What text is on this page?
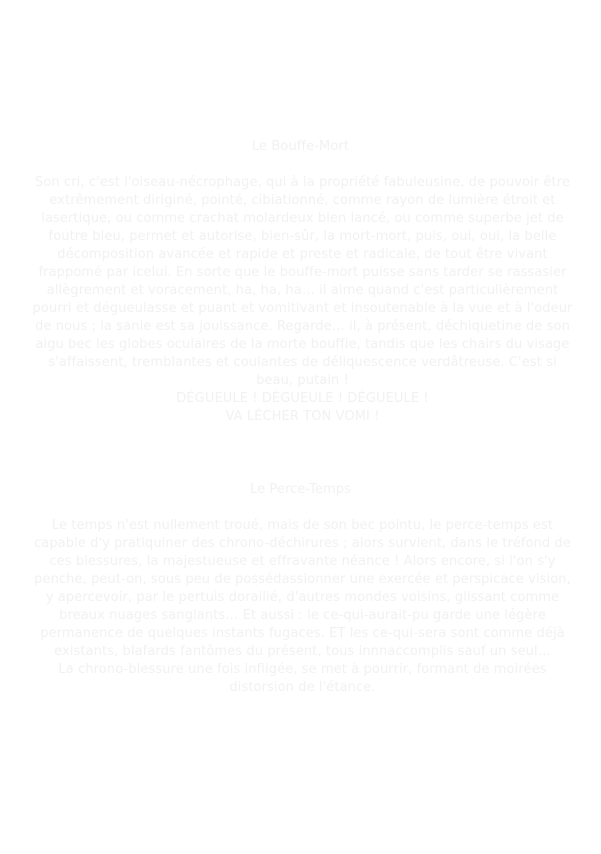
Le Bouffe-Mort

Son cri, c'est l'oiseau-nécrophage, qui à la propriété fabuleusine, de pouvoir être extrêmement diriginé, pointé, cibiationné, comme rayon de lumière étroit et lasertique, ou comme crachat molardeux bien lancé, ou comme superbe jet de foutre bleu, permet et autorise, bien-sûr, la mort-mort, puis, oui, oui, la belle décomposition avancée et rapide et preste et radicale, de tout être vivant frappomé par icelui. En sorte que le bouffe-mort puisse sans tarder se rassasier allègrement et voracement, ha, ha, ha… il aime quand c'est particulièrement pourri et dégueulasse et puant et vomitivant et insoutenable à la vue et à l'odeur de nous ; la sanie est sa jouissance. Regarde… il, à présent, déchiquetine de son aigu bec les globes oculaires de la morte bouffie, tandis que les chairs du visage s'affaissent, tremblantes et coulantes de déliquescence verdâtreuse. C'est si beau, putain !

DÉGUEULE ! DÉGUEULE ! DÉGUEULE !

VA LÉCHER TON VOMI !

Le Perce-Temps

Le temps n'est nullement troué, mais de son bec pointu, le perce-temps est capable d'y pratiquiner des chrono-déchirures ; alors survient, dans le tréfond de ces blessures, la majestueuse et effravante néance ! Alors encore, si l'on s'y penche, peut-on, sous peu de possédassionner une exercée et perspicace vision, y apercevoir, par le pertuis dorailié, d'autres mondes voisins, glissant comme breaux nuages sanglants… Et aussi : le ce-qui-aurait-pu garde une légère permanence de quelques instants fugaces. ET les ce-qui-sera sont comme déjà existants, blafards fantômes du présent, tous innnaccomplis sauf un seul…

La chrono-blessure une fois infligée, se met à pourrir, formant de moirées distorsion de l'étance.
